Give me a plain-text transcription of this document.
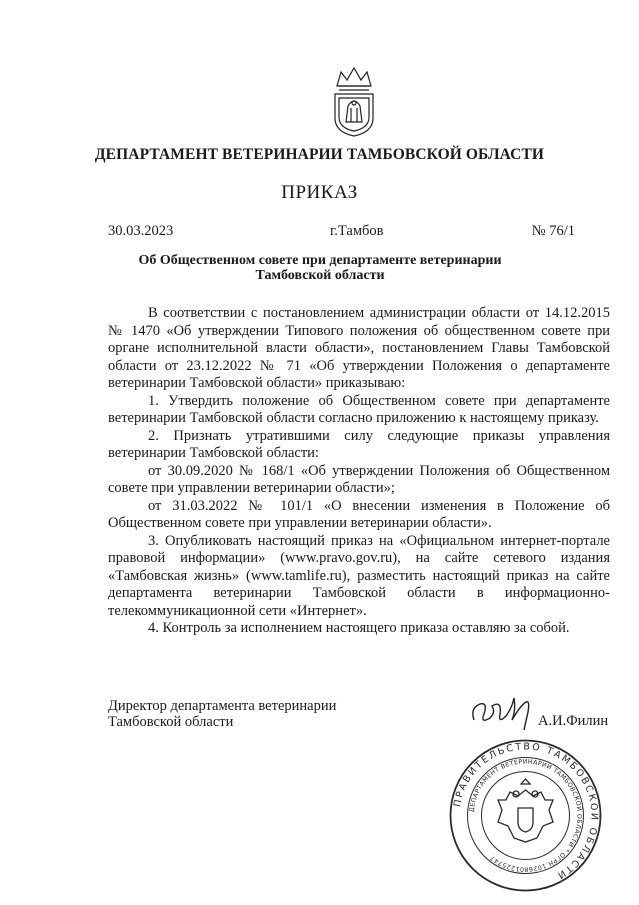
ДЕПАРТАМЕНТ ВЕТЕРИНАРИИ ТАМБОВСКОЙ ОБЛАСТИ
ПРИКАЗ
30.03.2023	г.Тамбов	№ 76/1
Об Общественном совете при департаменте ветеринарии Тамбовской области

В соответствии с постановлением администрации области от 14.12.2015 № 1470 «Об утверждении Типового положения об общественном совете при органе исполнительной власти области», постановлением Главы Тамбовской области от 23.12.2022 № 71 «Об утверждении Положения о департаменте ветеринарии Тамбовской области» приказываю:

1. Утвердить положение об Общественном совете при департаменте ветеринарии Тамбовской области согласно приложению к настоящему приказу.

2. Признать утратившими силу следующие приказы управления ветеринарии Тамбовской области:

от 30.09.2020 № 168/1 «Об утверждении Положения об Общественном совете при управлении ветеринарии области»;

от 31.03.2022 № 101/1 «О внесении изменения в Положение об Общественном совете при управлении ветеринарии области».

3. Опубликовать настоящий приказ на «Официальном интернет-портале правовой информации» (www.pravo.gov.ru), на сайте сетевого издания «Тамбовская жизнь» (www.tamlife.ru), разместить настоящий приказ на сайте департамента ветеринарии Тамбовской области в информационно-телекоммуникационной сети «Интернет».

4. Контроль за исполнением настоящего приказа оставляю за собой.

Директор департамента ветеринарии
Тамбовской области	А.И.Филин
ПРАВИТЕЛЬСТВО ТАМБОВСКОЙ ОБЛАСТИ
ДЕПАРТАМЕНТ ВЕТЕРИНАРИИ ТАМБОВСКОЙ ОБЛАСТИ * ОГРН 1026801225747
